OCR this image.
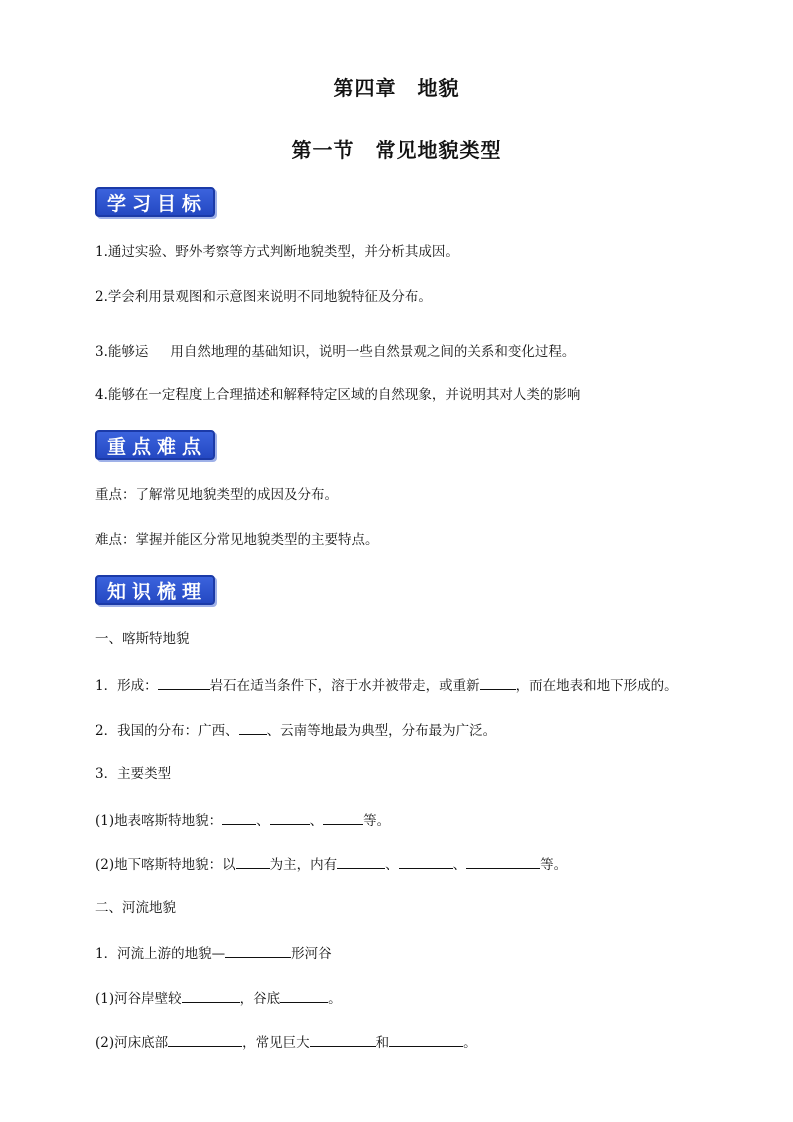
第四章　地貌
第一节　常见地貌类型
学习目标
1.通过实验、野外考察等方式判断地貌类型，并分析其成因。
2.学会利用景观图和示意图来说明不同地貌特征及分布。
3.能够运 用自然地理的基础知识，说明一些自然景观之间的关系和变化过程。
4.能够在一定程度上合理描述和解释特定区域的自然现象，并说明其对人类的影响
重点难点
重点：了解常见地貌类型的成因及分布。
难点：掌握并能区分常见地貌类型的主要特点。
知识梳理
一、喀斯特地貌
1．形成：	岩石在适当条件下，溶于水并被带走，或重新	，而在地表和地下形成的。
2．我国的分布：广西、 、云南等地最为典型，分布最为广泛。
3．主要类型
(1)地表喀斯特地貌：	、	、	等。
(2)地下喀斯特地貌：以	为主，内有	、	、	等。
二、河流地貌
1．河流上游的地貌—	形河谷
(1)河谷岸壁较	，谷底	。
(2)河床底部	，常见巨大	和	。
